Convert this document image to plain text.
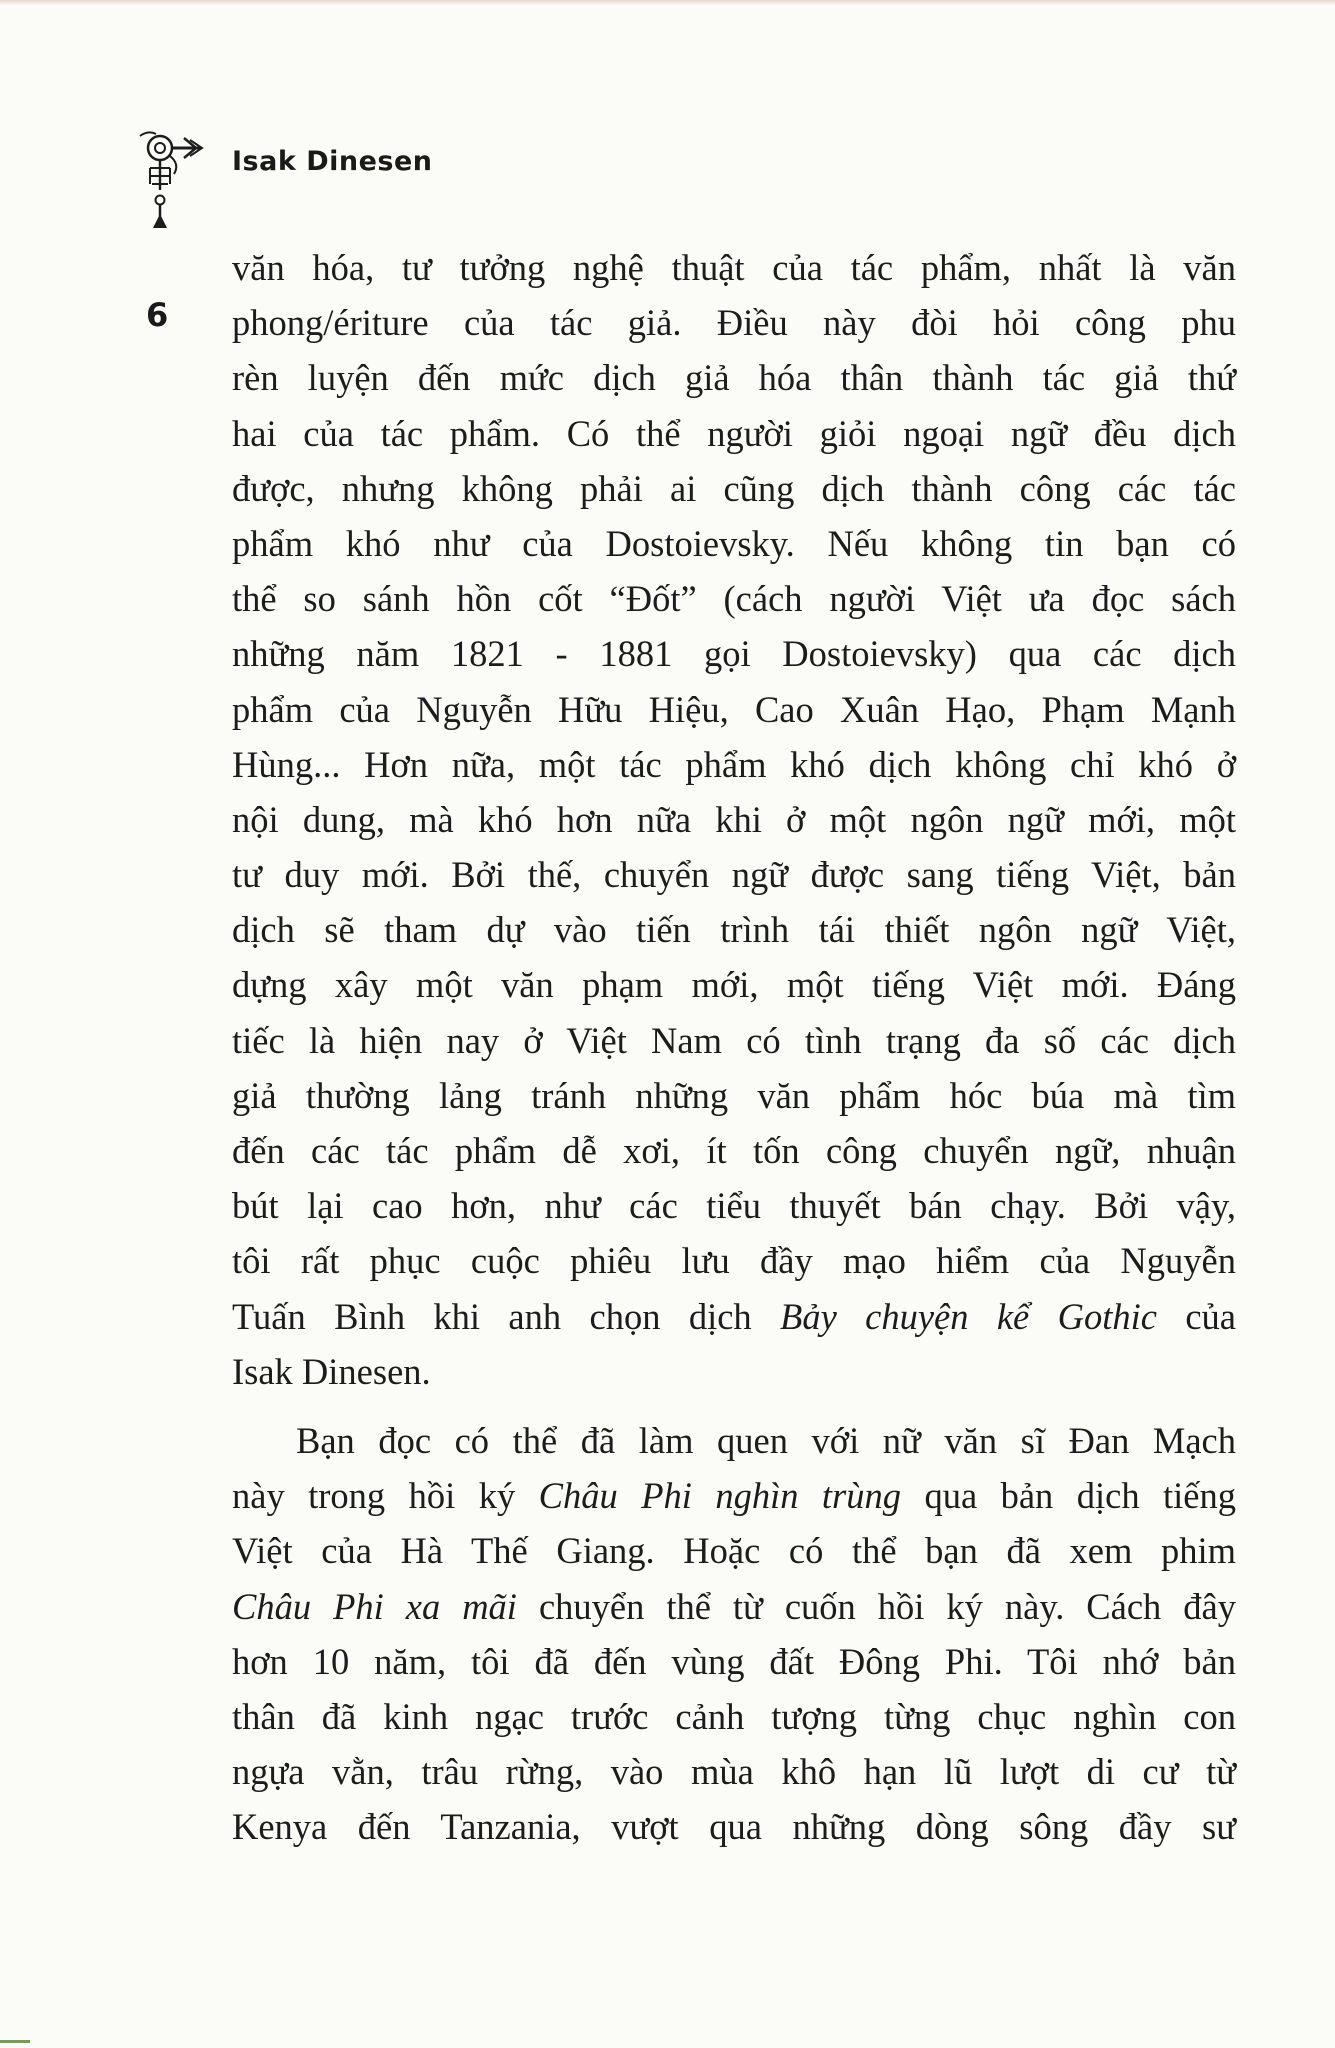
Isak Dinesen
6
văn hóa, tư tưởng nghệ thuật của tác phẩm, nhất là văn
phong/ériture của tác giả. Điều này đòi hỏi công phu
rèn luyện đến mức dịch giả hóa thân thành tác giả thứ
hai của tác phẩm. Có thể người giỏi ngoại ngữ đều dịch
được, nhưng không phải ai cũng dịch thành công các tác
phẩm khó như của Dostoievsky. Nếu không tin bạn có
thể so sánh hồn cốt “Đốt” (cách người Việt ưa đọc sách
những năm 1821 - 1881 gọi Dostoievsky) qua các dịch
phẩm của Nguyễn Hữu Hiệu, Cao Xuân Hạo, Phạm Mạnh
Hùng... Hơn nữa, một tác phẩm khó dịch không chỉ khó ở
nội dung, mà khó hơn nữa khi ở một ngôn ngữ mới, một
tư duy mới. Bởi thế, chuyển ngữ được sang tiếng Việt, bản
dịch sẽ tham dự vào tiến trình tái thiết ngôn ngữ Việt,
dựng xây một văn phạm mới, một tiếng Việt mới. Đáng
tiếc là hiện nay ở Việt Nam có tình trạng đa số các dịch
giả thường lảng tránh những văn phẩm hóc búa mà tìm
đến các tác phẩm dễ xơi, ít tốn công chuyển ngữ, nhuận
bút lại cao hơn, như các tiểu thuyết bán chạy. Bởi vậy,
tôi rất phục cuộc phiêu lưu đầy mạo hiểm của Nguyễn
Tuấn Bình khi anh chọn dịch Bảy chuyện kể Gothic của
Isak Dinesen.
Bạn đọc có thể đã làm quen với nữ văn sĩ Đan Mạch
này trong hồi ký Châu Phi nghìn trùng qua bản dịch tiếng
Việt của Hà Thế Giang. Hoặc có thể bạn đã xem phim
Châu Phi xa mãi chuyển thể từ cuốn hồi ký này. Cách đây
hơn 10 năm, tôi đã đến vùng đất Đông Phi. Tôi nhớ bản
thân đã kinh ngạc trước cảnh tượng từng chục nghìn con
ngựa vằn, trâu rừng, vào mùa khô hạn lũ lượt di cư từ
Kenya đến Tanzania, vượt qua những dòng sông đầy sư
